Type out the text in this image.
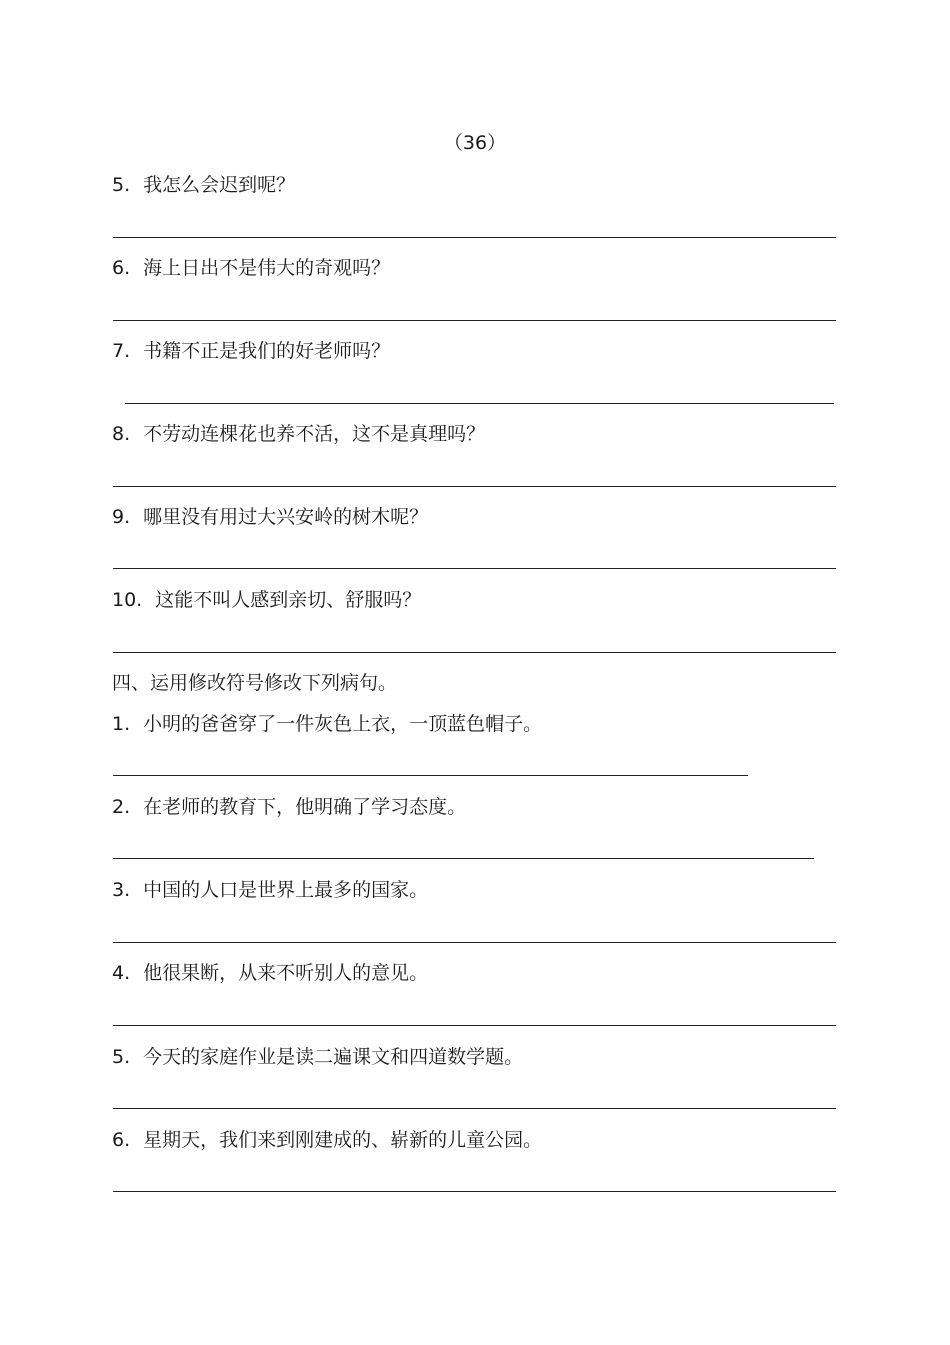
（36）

5. 我怎么会迟到呢？

6. 海上日出不是伟大的奇观吗？

7. 书籍不正是我们的好老师吗？

8. 不劳动连棵花也养不活，这不是真理吗？

9. 哪里没有用过大兴安岭的树木呢？

10. 这能不叫人感到亲切、舒服吗？

四、运用修改符号修改下列病句。

1. 小明的爸爸穿了一件灰色上衣，一顶蓝色帽子。

2. 在老师的教育下，他明确了学习态度。

3. 中国的人口是世界上最多的国家。

4. 他很果断，从来不听别人的意见。

5. 今天的家庭作业是读二遍课文和四道数学题。

6. 星期天，我们来到刚建成的、崭新的儿童公园。
